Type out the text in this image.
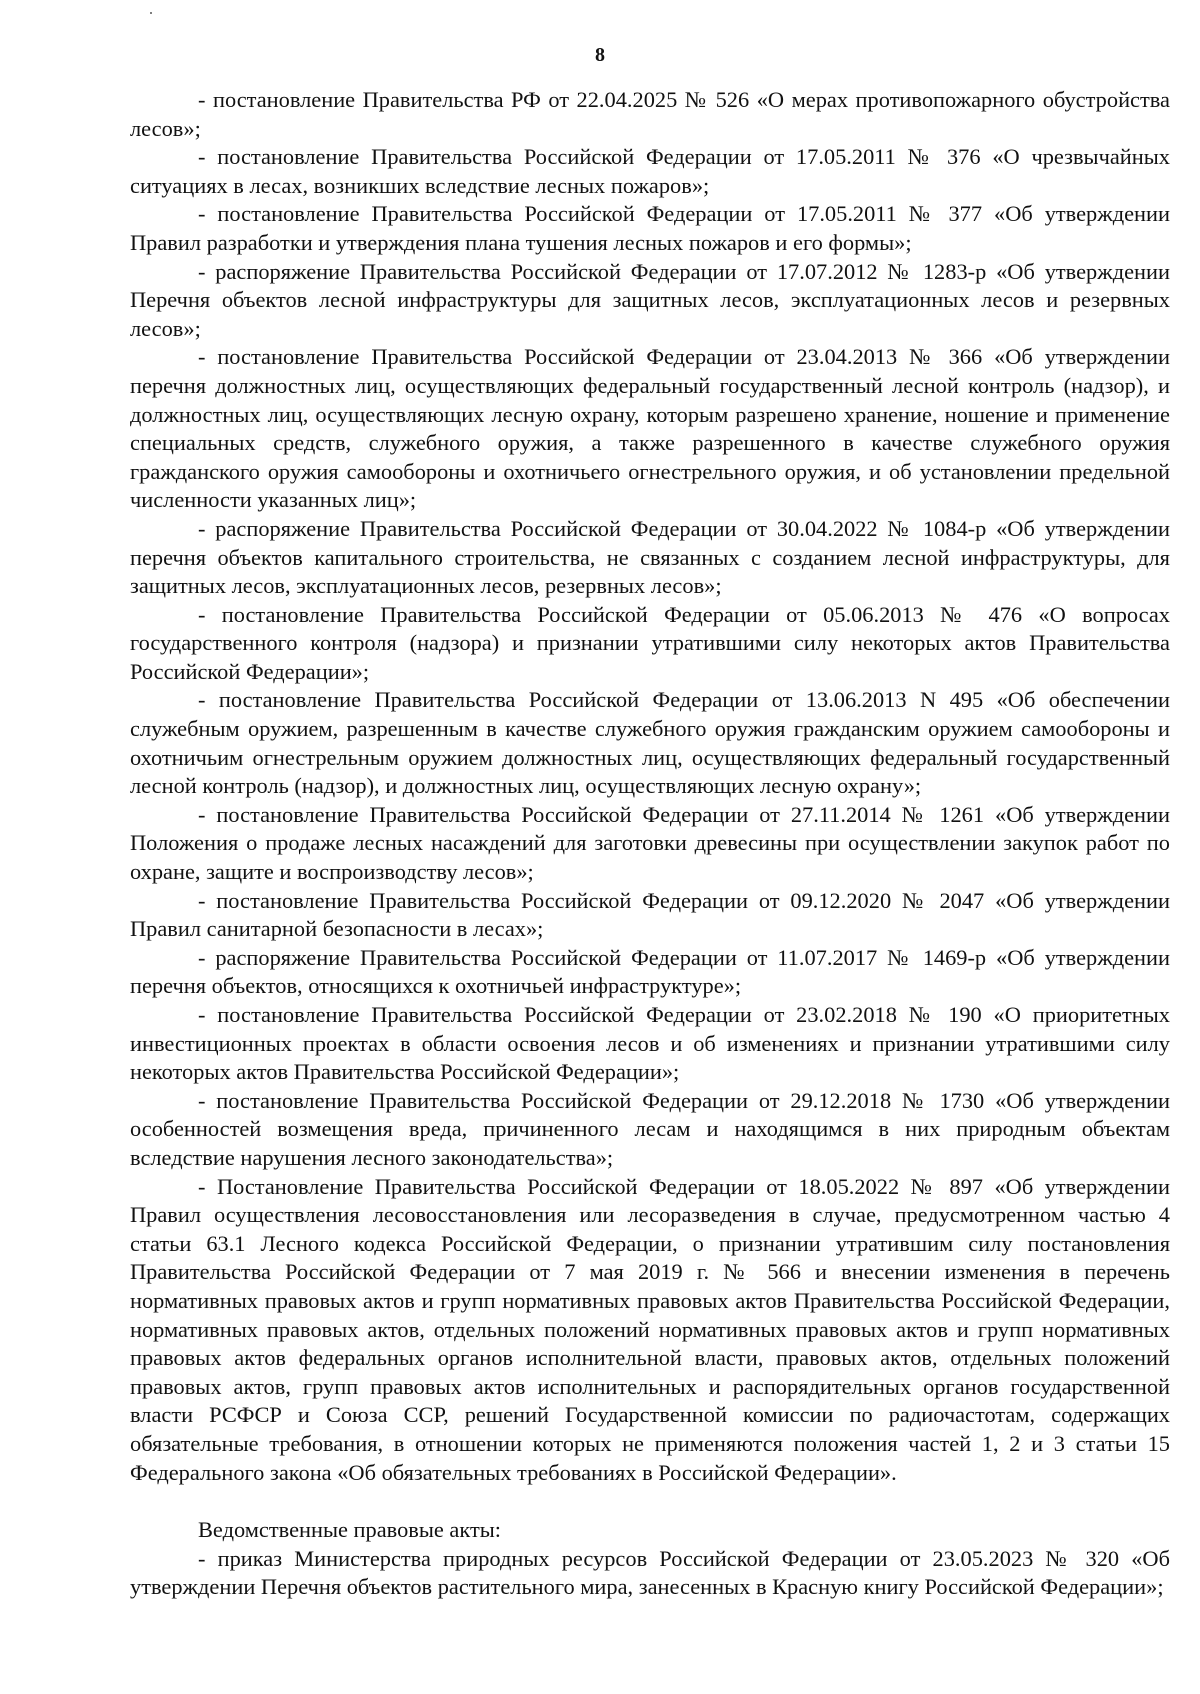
8

- постановление Правительства РФ от 22.04.2025 № 526 «О мерах противопожарного обустройства лесов»;

- постановление Правительства Российской Федерации от 17.05.2011 № 376 «О чрезвычайных ситуациях в лесах, возникших вследствие лесных пожаров»;

- постановление Правительства Российской Федерации от 17.05.2011 № 377 «Об утверждении Правил разработки и утверждения плана тушения лесных пожаров и его формы»;

- распоряжение Правительства Российской Федерации от 17.07.2012 № 1283-р «Об утверждении Перечня объектов лесной инфраструктуры для защитных лесов, эксплуатационных лесов и резервных лесов»;

- постановление Правительства Российской Федерации от 23.04.2013 № 366 «Об утверждении перечня должностных лиц, осуществляющих федеральный государственный лесной контроль (надзор), и должностных лиц, осуществляющих лесную охрану, которым разрешено хранение, ношение и применение специальных средств, служебного оружия, а также разрешенного в качестве служебного оружия гражданского оружия самообороны и охотничьего огнестрельного оружия, и об установлении предельной численности указанных лиц»;

- распоряжение Правительства Российской Федерации от 30.04.2022 № 1084-р «Об утверждении перечня объектов капитального строительства, не связанных с созданием лесной инфраструктуры, для защитных лесов, эксплуатационных лесов, резервных лесов»;

- постановление Правительства Российской Федерации от 05.06.2013 № 476 «О вопросах государственного контроля (надзора) и признании утратившими силу некоторых актов Правительства Российской Федерации»;

- постановление Правительства Российской Федерации от 13.06.2013 N 495 «Об обеспечении служебным оружием, разрешенным в качестве служебного оружия гражданским оружием самообороны и охотничьим огнестрельным оружием должностных лиц, осуществляющих федеральный государственный лесной контроль (надзор), и должностных лиц, осуществляющих лесную охрану»;

- постановление Правительства Российской Федерации от 27.11.2014 № 1261 «Об утверждении Положения о продаже лесных насаждений для заготовки древесины при осуществлении закупок работ по охране, защите и воспроизводству лесов»;

- постановление Правительства Российской Федерации от 09.12.2020 № 2047 «Об утверждении Правил санитарной безопасности в лесах»;

- распоряжение Правительства Российской Федерации от 11.07.2017 № 1469-р «Об утверждении перечня объектов, относящихся к охотничьей инфраструктуре»;

- постановление Правительства Российской Федерации от 23.02.2018 № 190 «О приоритетных инвестиционных проектах в области освоения лесов и об изменениях и признании утратившими силу некоторых актов Правительства Российской Федерации»;

- постановление Правительства Российской Федерации от 29.12.2018 № 1730 «Об утверждении особенностей возмещения вреда, причиненного лесам и находящимся в них природным объектам вследствие нарушения лесного законодательства»;

- Постановление Правительства Российской Федерации от 18.05.2022 № 897 «Об утверждении Правил осуществления лесовосстановления или лесоразведения в случае, предусмотренном частью 4 статьи 63.1 Лесного кодекса Российской Федерации, о признании утратившим силу постановления Правительства Российской Федерации от 7 мая 2019 г. № 566 и внесении изменения в перечень нормативных правовых актов и групп нормативных правовых актов Правительства Российской Федерации, нормативных правовых актов, отдельных положений нормативных правовых актов и групп нормативных правовых актов федеральных органов исполнительной власти, правовых актов, отдельных положений правовых актов, групп правовых актов исполнительных и распорядительных органов государственной власти РСФСР и Союза ССР, решений Государственной комиссии по радиочастотам, содержащих обязательные требования, в отношении которых не применяются положения частей 1, 2 и 3 статьи 15 Федерального закона «Об обязательных требованиях в Российской Федерации».

Ведомственные правовые акты:

- приказ Министерства природных ресурсов Российской Федерации от 23.05.2023 № 320 «Об утверждении Перечня объектов растительного мира, занесенных в Красную книгу Российской Федерации»;
